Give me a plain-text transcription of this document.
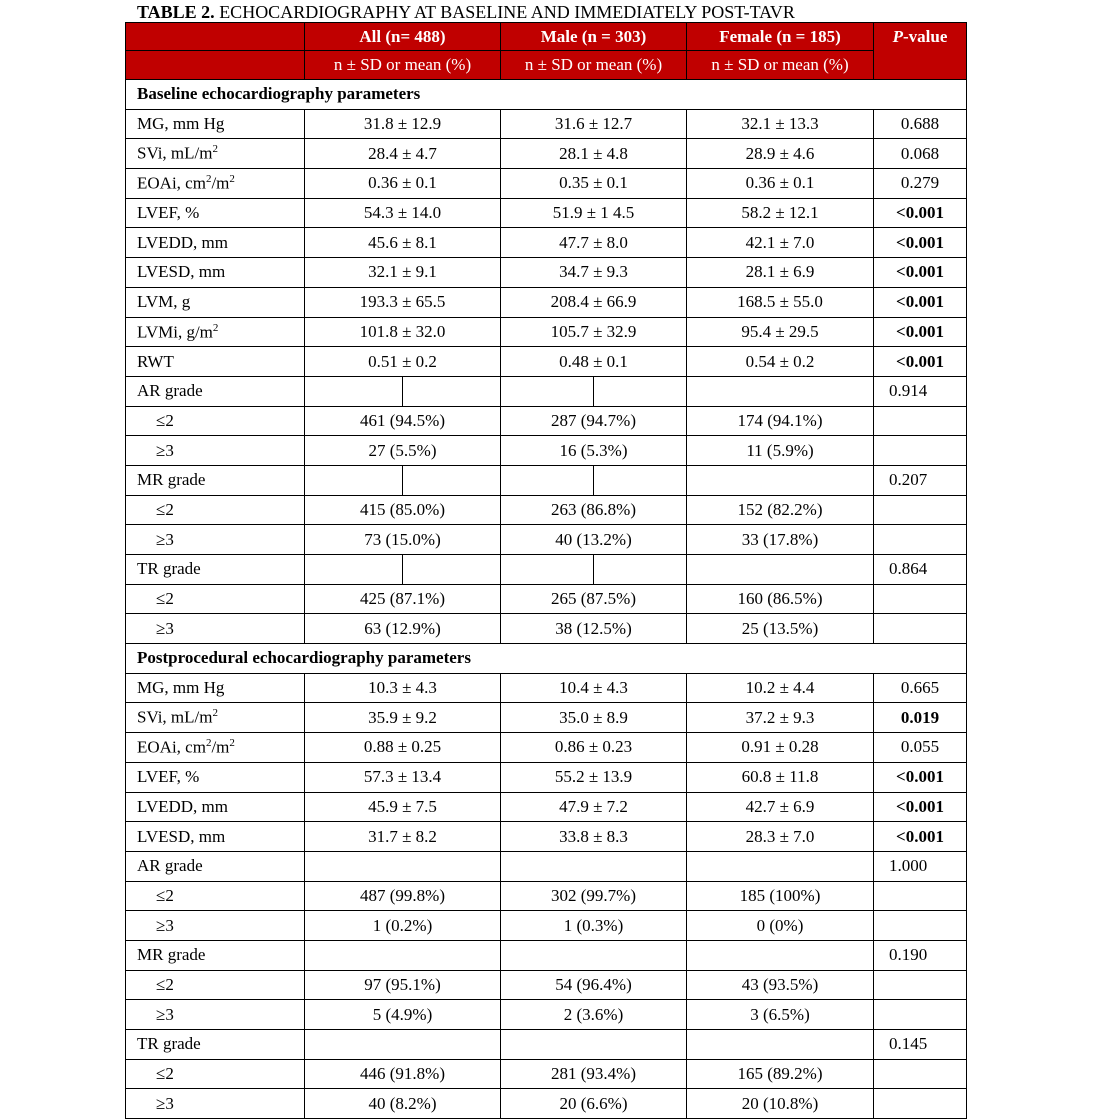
TABLE 2. ECHOCARDIOGRAPHY AT BASELINE AND IMMEDIATELY POST-TAVR
	All (n= 488)	Male (n = 303)	Female (n = 185)	P-value
	n ± SD or mean (%)	n ± SD or mean (%)	n ± SD or mean (%)	
Baseline echocardiography parameters				
MG, mm Hg	31.8 ± 12.9	31.6 ± 12.7	32.1 ± 13.3	0.688
SVi, $mL/m^2$	28.4 ± 4.7	28.1 ± 4.8	28.9 ± 4.6	0.068
EOAi, $cm^2/m^2$	0.36 ± 0.1	0.35 ± 0.1	0.36 ± 0.1	0.279
LVEF, %	54.3 ± 14.0	51.9 ± 1 4.5	58.2 ± 12.1	<0.001
LVEDD, mm	45.6 ± 8.1	47.7 ± 8.0	42.1 ± 7.0	<0.001
LVESD, mm	32.1 ± 9.1	34.7 ± 9.3	28.1 ± 6.9	<0.001
LVM, g	193.3 ± 65.5	208.4 ± 66.9	168.5 ± 55.0	<0.001
LVMi, $g/m^2$	101.8 ± 32.0	105.7 ± 32.9	95.4 ± 29.5	<0.001
RWT	0.51 ± 0.2	0.48 ± 0.1	0.54 ± 0.2	<0.001
AR grade				0.914
≤2	461 (94.5%)	287 (94.7%)	174 (94.1%)	
≥3	27 (5.5%)	16 (5.3%)	11 (5.9%)	
MR grade				0.207
≤2	415 (85.0%)	263 (86.8%)	152 (82.2%)	
≥3	73 (15.0%)	40 (13.2%)	33 (17.8%)	
TR grade				0.864
≤2	425 (87.1%)	265 (87.5%)	160 (86.5%)	
≥3	63 (12.9%)	38 (12.5%)	25 (13.5%)	
Postprocedural echocardiography parameters				
MG, mm Hg	10.3 ± 4.3	10.4 ± 4.3	10.2 ± 4.4	0.665
SVi, $mL/m^2$	35.9 ± 9.2	35.0 ± 8.9	37.2 ± 9.3	0.019
EOAi, $cm^2/m^2$	0.88 ± 0.25	0.86 ± 0.23	0.91 ± 0.28	0.055
LVEF, %	57.3 ± 13.4	55.2 ± 13.9	60.8 ± 11.8	<0.001
LVEDD, mm	45.9 ± 7.5	47.9 ± 7.2	42.7 ± 6.9	<0.001
LVESD, mm	31.7 ± 8.2	33.8 ± 8.3	28.3 ± 7.0	<0.001
AR grade				1.000
≤2	487 (99.8%)	302 (99.7%)	185 (100%)	
≥3	1 (0.2%)	1 (0.3%)	0 (0%)	
MR grade				0.190
≤2	97 (95.1%)	54 (96.4%)	43 (93.5%)	
≥3	5 (4.9%)	2 (3.6%)	3 (6.5%)	
TR grade				0.145
≤2	446 (91.8%)	281 (93.4%)	165 (89.2%)	
≥3	40 (8.2%)	20 (6.6%)	20 (10.8%)	
